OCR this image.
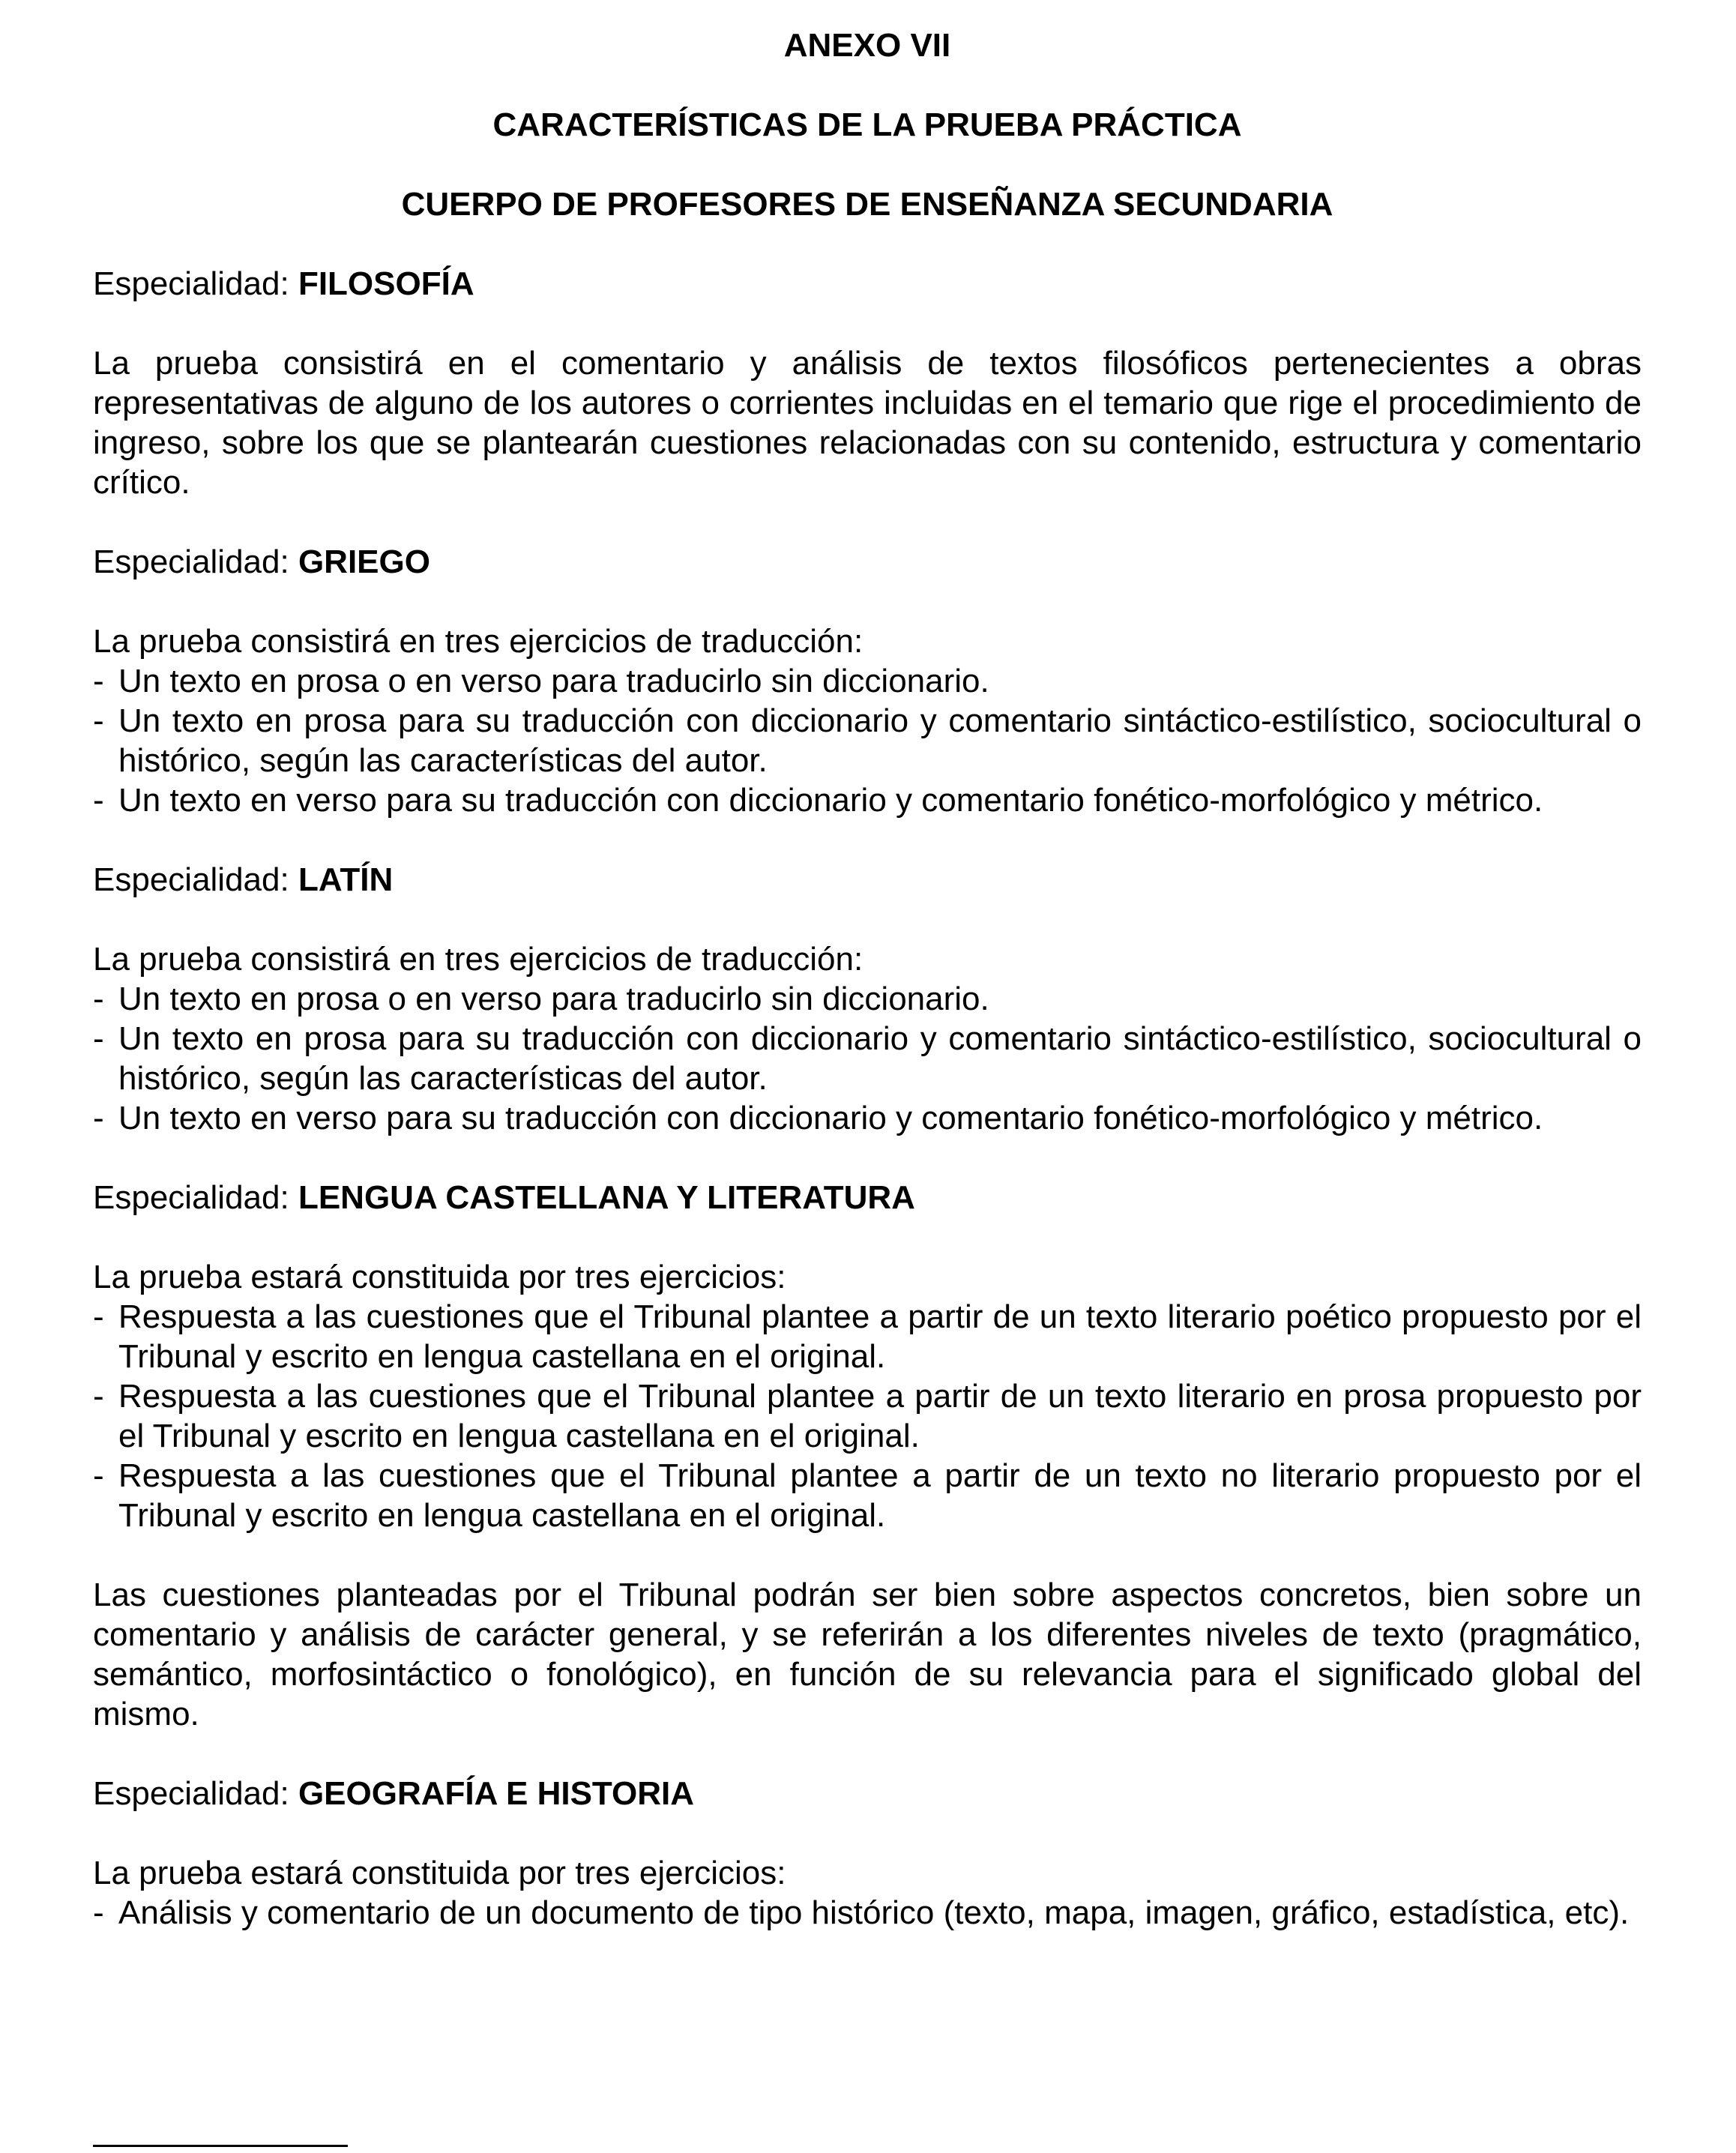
ANEXO VII
CARACTERÍSTICAS DE LA PRUEBA PRÁCTICA
CUERPO DE PROFESORES DE ENSEÑANZA SECUNDARIA

Especialidad: FILOSOFÍA

La prueba consistirá en el comentario y análisis de textos filosóficos pertenecientes a obras representativas de alguno de los autores o corrientes incluidas en el temario que rige el procedimiento de ingreso, sobre los que se plantearán cuestiones relacionadas con su contenido, estructura y comentario crítico.

Especialidad: GRIEGO

La prueba consistirá en tres ejercicios de traducción:

- Un texto en prosa o en verso para traducirlo sin diccionario.
- Un texto en prosa para su traducción con diccionario y comentario sintáctico-estilístico, sociocultural o histórico, según las características del autor.
- Un texto en verso para su traducción con diccionario y comentario fonético-morfológico y métrico.

Especialidad: LATÍN

La prueba consistirá en tres ejercicios de traducción:

- Un texto en prosa o en verso para traducirlo sin diccionario.
- Un texto en prosa para su traducción con diccionario y comentario sintáctico-estilístico, sociocultural o histórico, según las características del autor.
- Un texto en verso para su traducción con diccionario y comentario fonético-morfológico y métrico.

Especialidad: LENGUA CASTELLANA Y LITERATURA

La prueba estará constituida por tres ejercicios:

- Respuesta a las cuestiones que el Tribunal plantee a partir de un texto literario poético propuesto por el Tribunal y escrito en lengua castellana en el original.
- Respuesta a las cuestiones que el Tribunal plantee a partir de un texto literario en prosa propuesto por el Tribunal y escrito en lengua castellana en el original.
- Respuesta a las cuestiones que el Tribunal plantee a partir de un texto no literario propuesto por el Tribunal y escrito en lengua castellana en el original.

Las cuestiones planteadas por el Tribunal podrán ser bien sobre aspectos concretos, bien sobre un comentario y análisis de carácter general, y se referirán a los diferentes niveles de texto (pragmático, semántico, morfosintáctico o fonológico), en función de su relevancia para el significado global del mismo.

Especialidad: GEOGRAFÍA E HISTORIA

La prueba estará constituida por tres ejercicios:

- Análisis y comentario de un documento de tipo histórico (texto, mapa, imagen, gráfico, estadística, etc).
